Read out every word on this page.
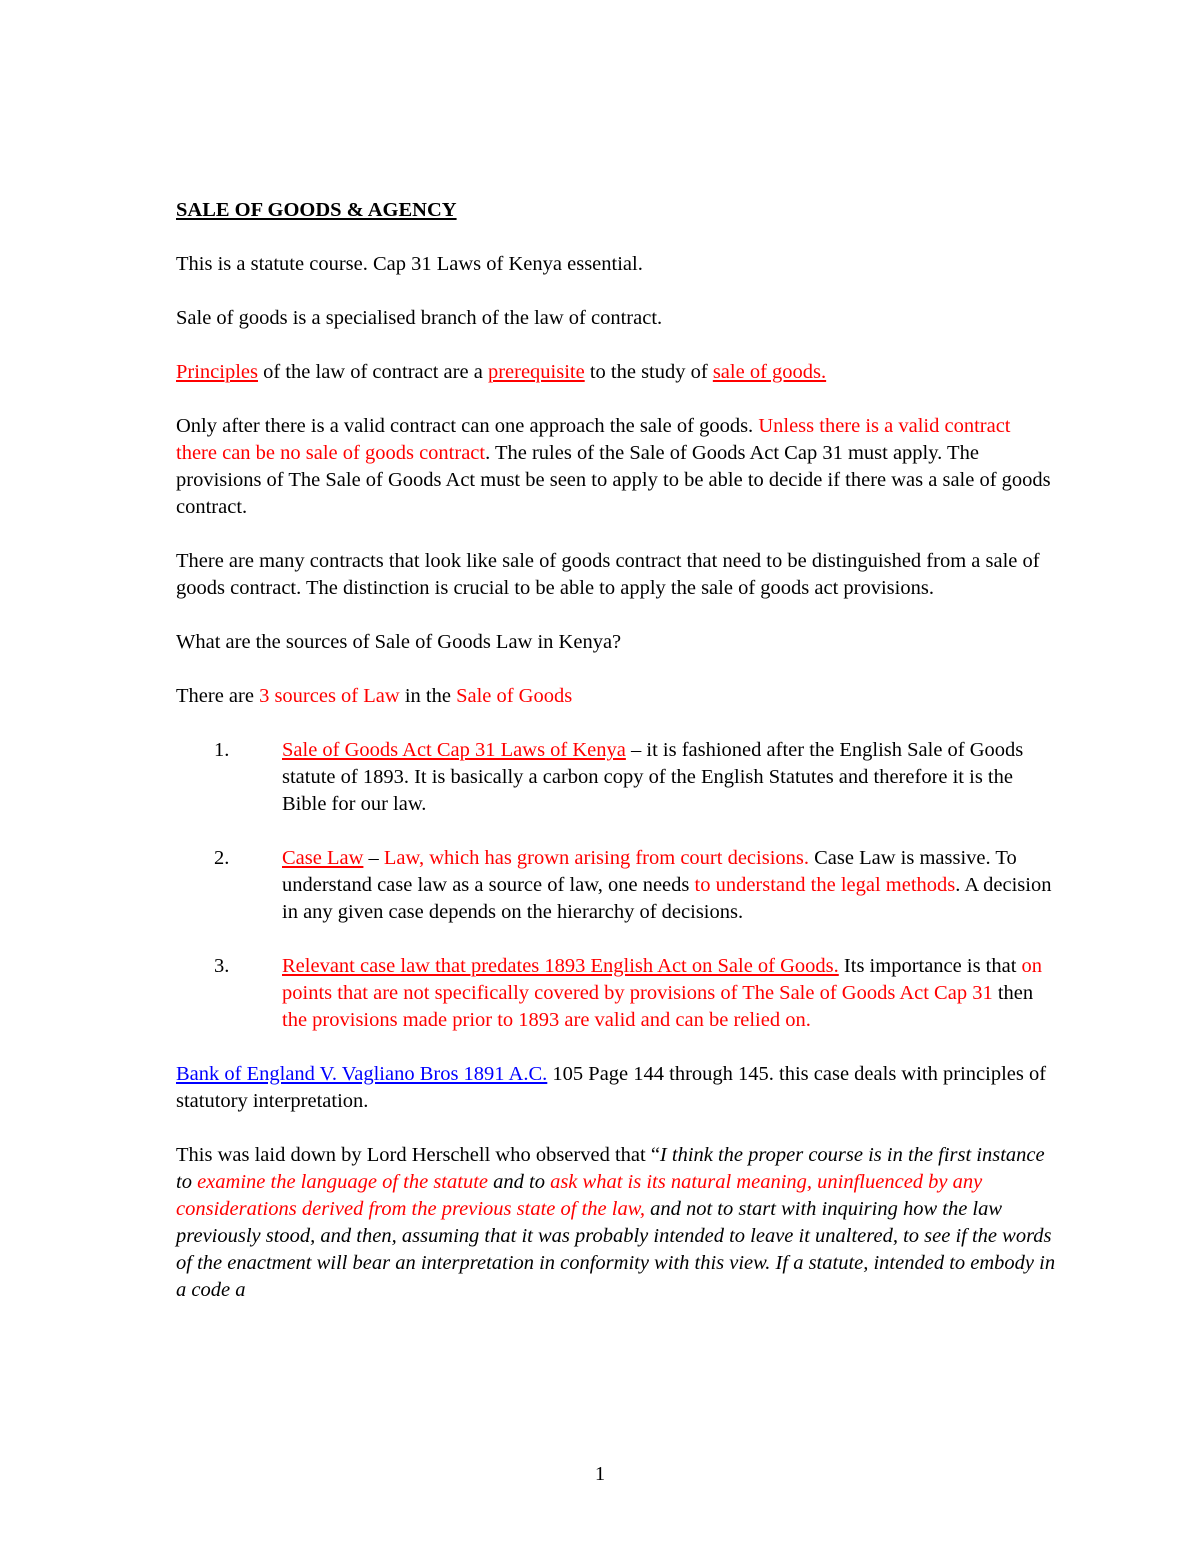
SALE OF GOODS & AGENCY

This is a statute course. Cap 31 Laws of Kenya essential.

Sale of goods is a specialised branch of the law of contract.

Principles of the law of contract are a prerequisite to the study of sale of goods.

Only after there is a valid contract can one approach the sale of goods. Unless there is a valid contract there can be no sale of goods contract. The rules of the Sale of Goods Act Cap 31 must apply. The provisions of The Sale of Goods Act must be seen to apply to be able to decide if there was a sale of goods contract.

There are many contracts that look like sale of goods contract that need to be distinguished from a sale of goods contract. The distinction is crucial to be able to apply the sale of goods act provisions.

What are the sources of Sale of Goods Law in Kenya?

There are 3 sources of Law in the Sale of Goods

1.	Sale of Goods Act Cap 31 Laws of Kenya – it is fashioned after the English Sale of Goods statute of 1893. It is basically a carbon copy of the English Statutes and therefore it is the Bible for our law.
2.	Case Law – Law, which has grown arising from court decisions. Case Law is massive. To understand case law as a source of law, one needs to understand the legal methods. A decision in any given case depends on the hierarchy of decisions.
3.	Relevant case law that predates 1893 English Act on Sale of Goods. Its importance is that on points that are not specifically covered by provisions of The Sale of Goods Act Cap 31 then the provisions made prior to 1893 are valid and can be relied on.

Bank of England V. Vagliano Bros 1891 A.C. 105 Page 144 through 145. this case deals with principles of statutory interpretation.

This was laid down by Lord Herschell who observed that “I think the proper course is in the first instance to examine the language of the statute and to ask what is its natural meaning, uninfluenced by any considerations derived from the previous state of the law, and not to start with inquiring how the law previously stood, and then, assuming that it was probably intended to leave it unaltered, to see if the words of the enactment will bear an interpretation in conformity with this view. If a statute, intended to embody in a code a

1
